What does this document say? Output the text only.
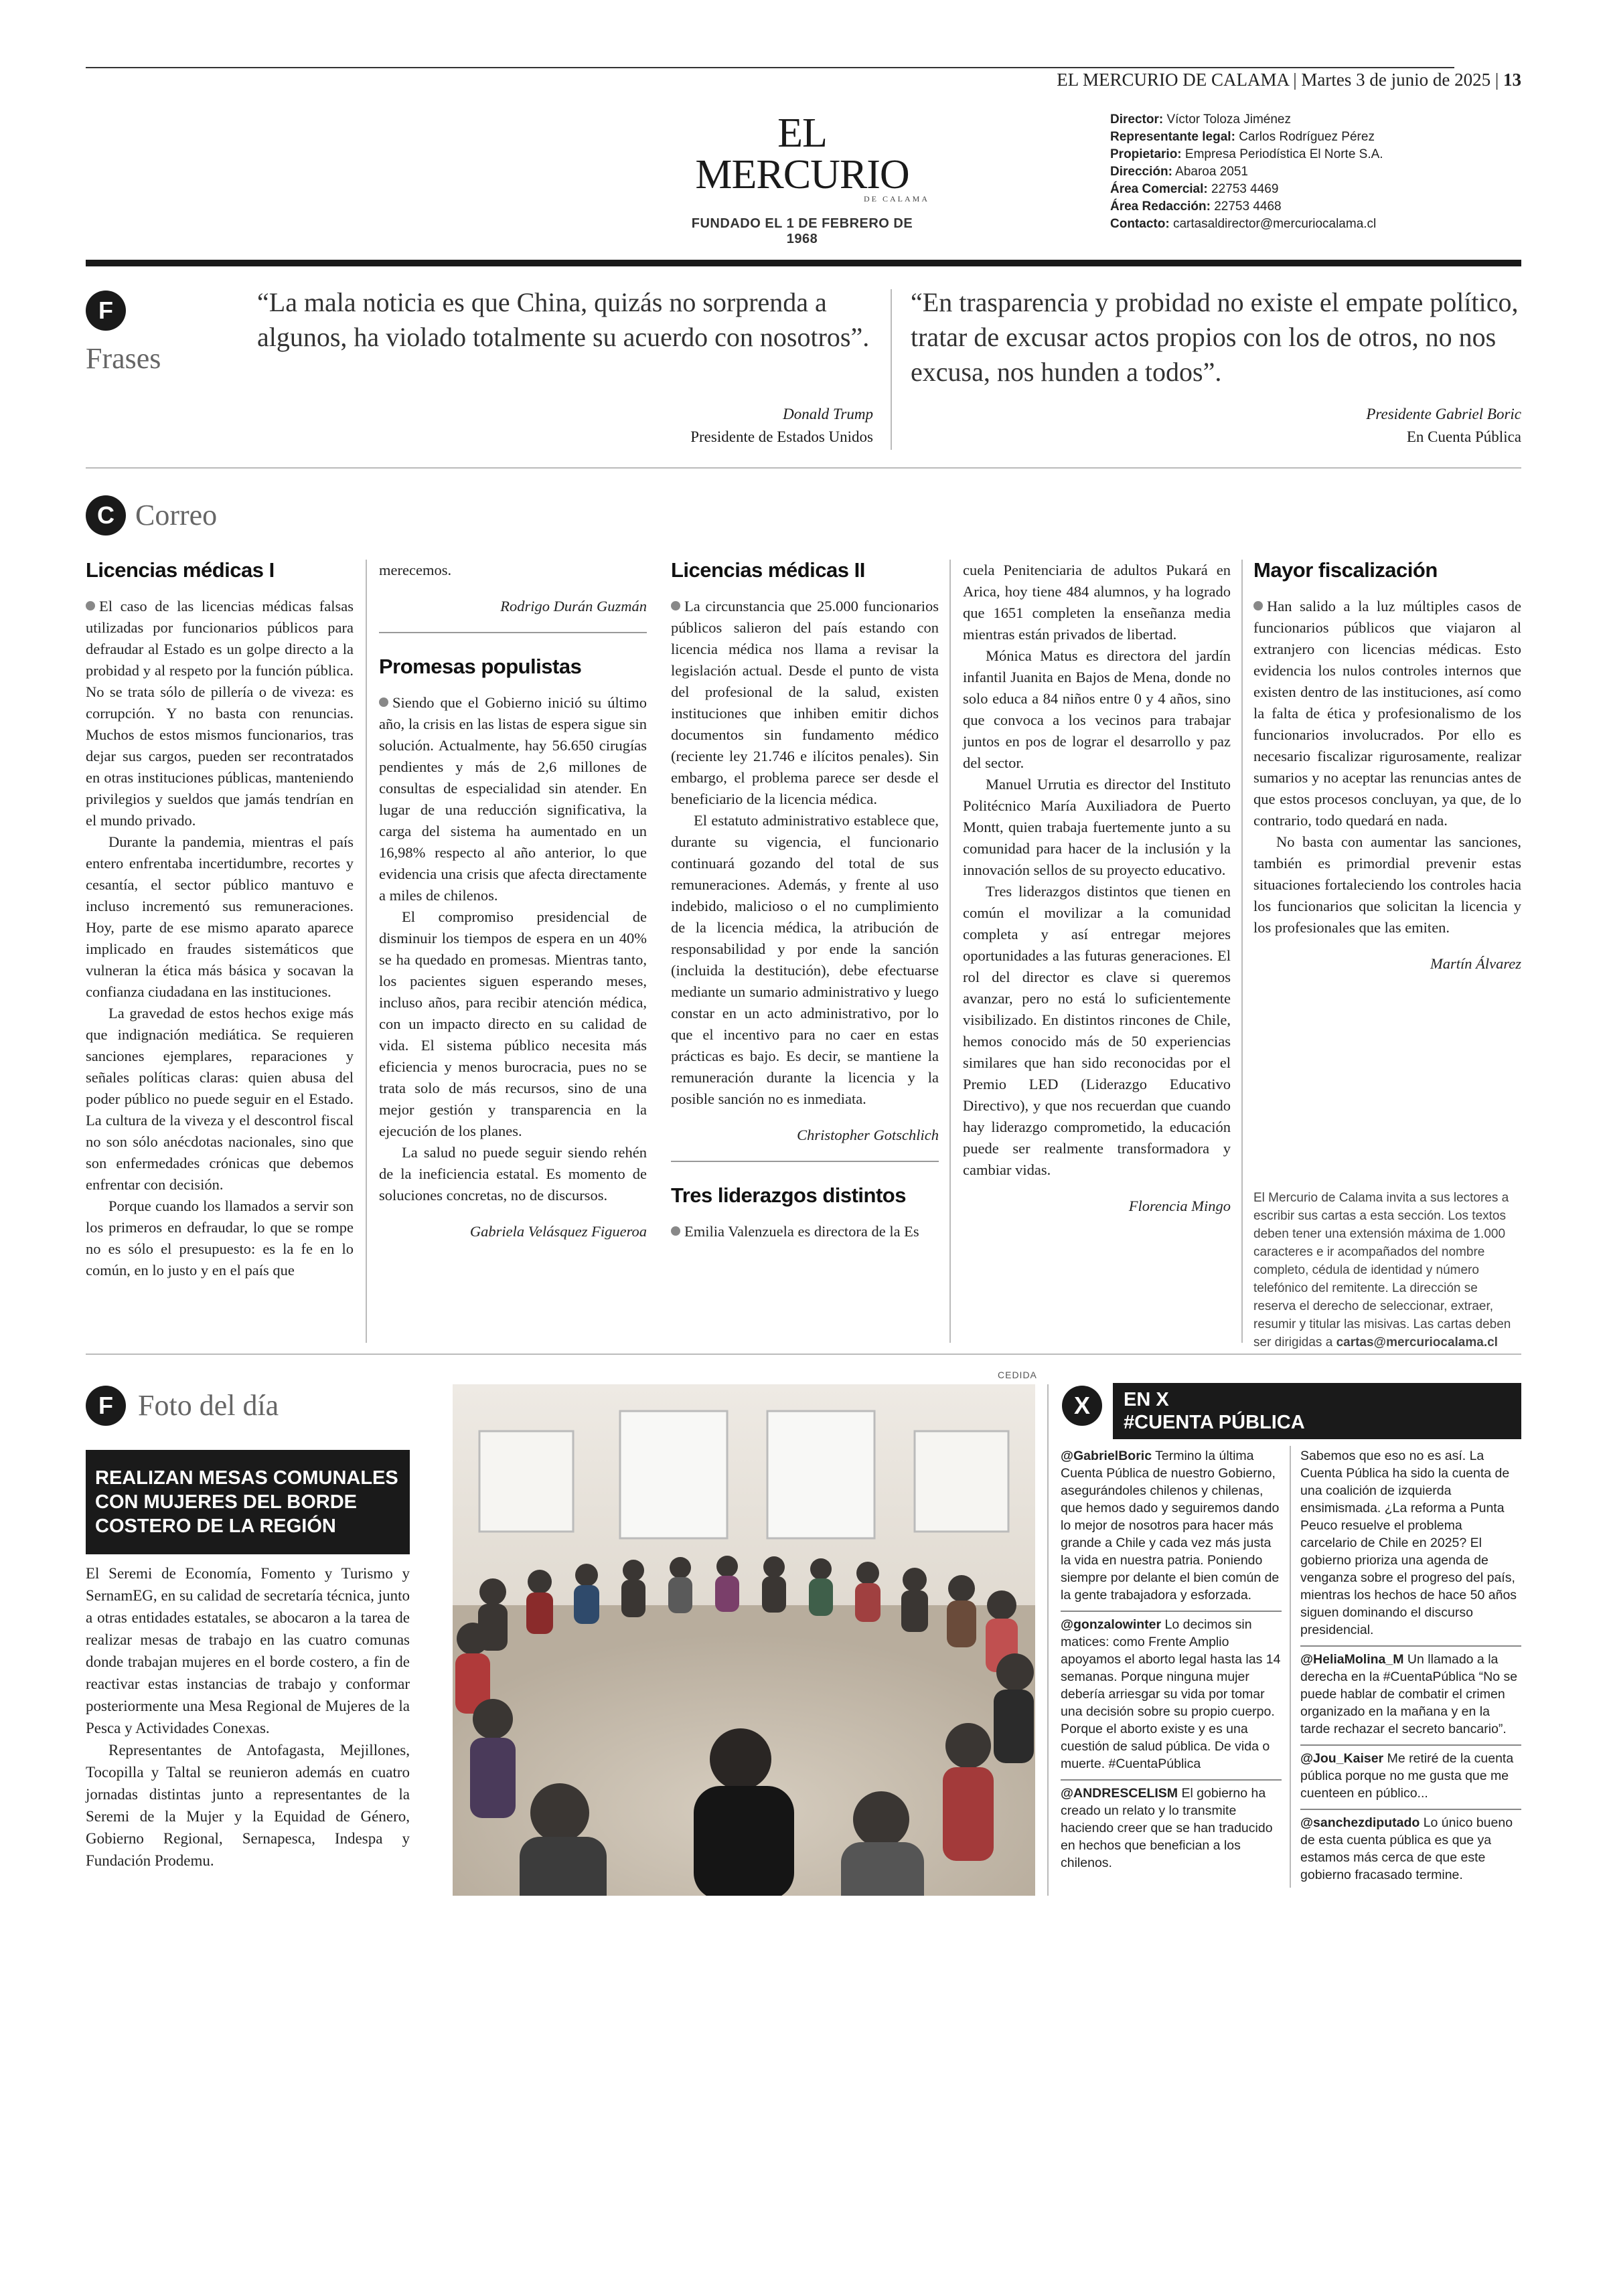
EL MERCURIO DE CALAMA | Martes 3 de junio de 2025 | 13
EL MERCURIO
DE CALAMA
FUNDADO EL 1 DE FEBRERO DE 1968
Director: Víctor Toloza Jiménez
Representante legal: Carlos Rodríguez Pérez
Propietario: Empresa Periodística El Norte S.A.
Dirección: Abaroa 2051
Área Comercial: 22753 4469
Área Redacción: 22753 4468
Contacto: cartasaldirector@mercuriocalama.cl
F
Frases
“La mala noticia es que China, quizás no sorprenda a algunos, ha violado totalmente su acuerdo con nosotros”.
Donald Trump
Presidente de Estados Unidos
“En trasparencia y probidad no existe el empate político, tratar de excusar actos propios con los de otros, no nos excusa, nos hunden a todos”.
Presidente Gabriel Boric
En Cuenta Pública
C Correo
Licencias médicas I

El caso de las licencias médicas falsas utilizadas por funcionarios públicos para defraudar al Estado es un golpe directo a la probidad y al respeto por la función pública. No se trata sólo de pillería o de viveza: es corrupción. Y no basta con renuncias. Muchos de estos mismos funcionarios, tras dejar sus cargos, pueden ser recontratados en otras instituciones públicas, manteniendo privilegios y sueldos que jamás tendrían en el mundo privado.

Durante la pandemia, mientras el país entero enfrentaba incertidumbre, recortes y cesantía, el sector público mantuvo e incluso incrementó sus remuneraciones. Hoy, parte de ese mismo aparato aparece implicado en fraudes sistemáticos que vulneran la ética más básica y socavan la confianza ciudadana en las instituciones.

La gravedad de estos hechos exige más que indignación mediática. Se requieren sanciones ejemplares, reparaciones y señales políticas claras: quien abusa del poder público no puede seguir en el Estado. La cultura de la viveza y el descontrol fiscal no son sólo anécdotas nacionales, sino que son enfermedades crónicas que debemos enfrentar con decisión.

Porque cuando los llamados a servir son los primeros en defraudar, lo que se rompe no es sólo el presupuesto: es la fe en lo común, en lo justo y en el país que

merecemos.

Rodrigo Durán Guzmán

Promesas populistas

Siendo que el Gobierno inició su último año, la crisis en las listas de espera sigue sin solución. Actualmente, hay 56.650 cirugías pendientes y más de 2,6 millones de consultas de especialidad sin atender. En lugar de una reducción significativa, la carga del sistema ha aumentado en un 16,98% respecto al año anterior, lo que evidencia una crisis que afecta directamente a miles de chilenos.

El compromiso presidencial de disminuir los tiempos de espera en un 40% se ha quedado en promesas. Mientras tanto, los pacientes siguen esperando meses, incluso años, para recibir atención médica, con un impacto directo en su calidad de vida. El sistema público necesita más eficiencia y menos burocracia, pues no se trata solo de más recursos, sino de una mejor gestión y transparencia en la ejecución de los planes.

La salud no puede seguir siendo rehén de la ineficiencia estatal. Es momento de soluciones concretas, no de discursos.

Gabriela Velásquez Figueroa

Licencias médicas II

La circunstancia que 25.000 funcionarios públicos salieron del país estando con licencia médica nos llama a revisar la legislación actual. Desde el punto de vista del profesional de la salud, existen instituciones que inhiben emitir dichos documentos sin fundamento médico (reciente ley 21.746 e ilícitos penales). Sin embargo, el problema parece ser desde el beneficiario de la licencia médica.

El estatuto administrativo establece que, durante su vigencia, el funcionario continuará gozando del total de sus remuneraciones. Además, y frente al uso indebido, malicioso o el no cumplimiento de la licencia médica, la atribución de responsabilidad y por ende la sanción (incluida la destitución), debe efectuarse mediante un sumario administrativo y luego constar en un acto administrativo, por lo que el incentivo para no caer en estas prácticas es bajo. Es decir, se mantiene la remuneración durante la licencia y la posible sanción no es inmediata.

Christopher Gotschlich

Tres liderazgos distintos

Emilia Valenzuela es directora de la Es

cuela Penitenciaria de adultos Pukará en Arica, hoy tiene 484 alumnos, y ha logrado que 1651 completen la enseñanza media mientras están privados de libertad.

Mónica Matus es directora del jardín infantil Juanita en Bajos de Mena, donde no solo educa a 84 niños entre 0 y 4 años, sino que convoca a los vecinos para trabajar juntos en pos de lograr el desarrollo y paz del sector.

Manuel Urrutia es director del Instituto Politécnico María Auxiliadora de Puerto Montt, quien trabaja fuertemente junto a su comunidad para hacer de la inclusión y la innovación sellos de su proyecto educativo.

Tres liderazgos distintos que tienen en común el movilizar a la comunidad completa y así entregar mejores oportunidades a las futuras generaciones. El rol del director es clave si queremos avanzar, pero no está lo suficientemente visibilizado. En distintos rincones de Chile, hemos conocido más de 50 experiencias similares que han sido reconocidas por el Premio LED (Liderazgo Educativo Directivo), y que nos recuerdan que cuando hay liderazgo comprometido, la educación puede ser realmente transformadora y cambiar vidas.

Florencia Mingo

Mayor fiscalización

Han salido a la luz múltiples casos de funcionarios públicos que viajaron al extranjero con licencias médicas. Esto evidencia los nulos controles internos que existen dentro de las instituciones, así como la falta de ética y profesionalismo de los funcionarios involucrados. Por ello es necesario fiscalizar rigurosamente, realizar sumarios y no aceptar las renuncias antes de que estos procesos concluyan, ya que, de lo contrario, todo quedará en nada.

No basta con aumentar las sanciones, también es primordial prevenir estas situaciones fortaleciendo los controles hacia los funcionarios que solicitan la licencia y los profesionales que las emiten.

Martín Álvarez

El Mercurio de Calama invita a sus lectores a escribir sus cartas a esta sección. Los textos deben tener una extensión máxima de 1.000 caracteres e ir acompañados del nombre completo, cédula de identidad y número telefónico del remitente. La dirección se reserva el derecho de seleccionar, extraer, resumir y titular las misivas. Las cartas deben ser dirigidas a cartas@mercuriocalama.cl
F Foto del día
REALIZAN MESAS COMUNALES CON MUJERES DEL BORDE COSTERO DE LA REGIÓN

El Seremi de Economía, Fomento y Turismo y SernamEG, en su calidad de secretaría técnica, junto a otras entidades estatales, se abocaron a la tarea de realizar mesas de trabajo en las cuatro comunas donde trabajan mujeres en el borde costero, a fin de reactivar estas instancias de trabajo y conformar posteriormente una Mesa Regional de Mujeres de la Pesca y Actividades Conexas.

Representantes de Antofagasta, Mejillones, Tocopilla y Taltal se reunieron además en cuatro jornadas distintas junto a representantes de la Seremi de la Mujer y la Equidad de Género, Gobierno Regional, Sernapesca, Indespa y Fundación Prodemu.

CEDIDA
X	EN X
#CUENTA PÚBLICA
@GabrielBoric Termino la última Cuenta Pública de nuestro Gobierno, asegurándoles chilenos y chilenas, que hemos dado y seguiremos dando lo mejor de nosotros para hacer más grande a Chile y cada vez más justa la vida en nuestra patria. Poniendo siempre por delante el bien común de la gente trabajadora y esforzada.
@gonzalowinter Lo decimos sin matices: como Frente Amplio apoyamos el aborto legal hasta las 14 semanas. Porque ninguna mujer debería arriesgar su vida por tomar una decisión sobre su propio cuerpo. Porque el aborto existe y es una cuestión de salud pública. De vida o muerte. #CuentaPública
@ANDRESCELISM El gobierno ha creado un relato y lo transmite haciendo creer que se han traducido en hechos que benefician a los chilenos.
Sabemos que eso no es así. La Cuenta Pública ha sido la cuenta de una coalición de izquierda ensimismada. ¿La reforma a Punta Peuco resuelve el problema carcelario de Chile en 2025? El gobierno prioriza una agenda de venganza sobre el progreso del país, mientras los hechos de hace 50 años siguen dominando el discurso presidencial.
@HeliaMolina_M Un llamado a la derecha en la #CuentaPública “No se puede hablar de combatir el crimen organizado en la mañana y en la tarde rechazar el secreto bancario”.
@Jou_Kaiser Me retiré de la cuenta pública porque no me gusta que me cuenteen en público...
@sanchezdiputado Lo único bueno de esta cuenta pública es que ya estamos más cerca de que este gobierno fracasado termine.
